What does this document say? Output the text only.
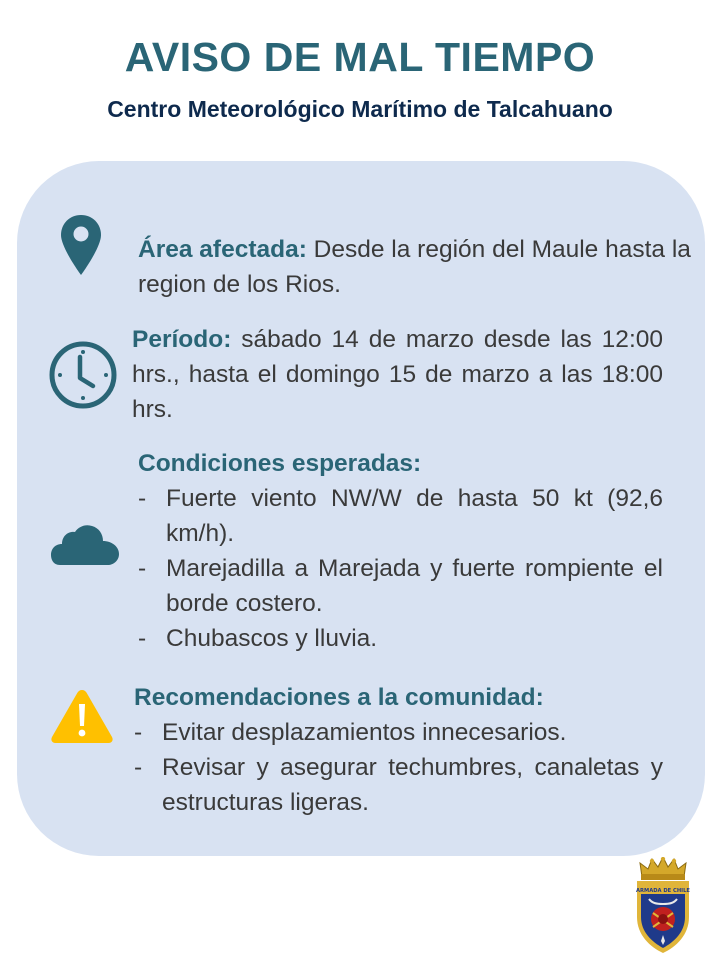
AVISO DE MAL TIEMPO
Centro Meteorológico Marítimo de Talcahuano
Área afectada: Desde la región del Maule hasta la region de los Rios.
Período: sábado 14 de marzo desde las 12:00 hrs., hasta el domingo 15 de marzo a las 18:00 hrs.
Condiciones esperadas:
- Fuerte viento NW/W de hasta 50 kt (92,6 km/h).
- Marejadilla a Marejada y fuerte rompiente el borde costero.
- Chubascos y lluvia.
Recomendaciones a la comunidad:
- Evitar desplazamientos innecesarios.
- Revisar y asegurar techumbres, canaletas y estructuras ligeras.
ARMADA DE CHILE
